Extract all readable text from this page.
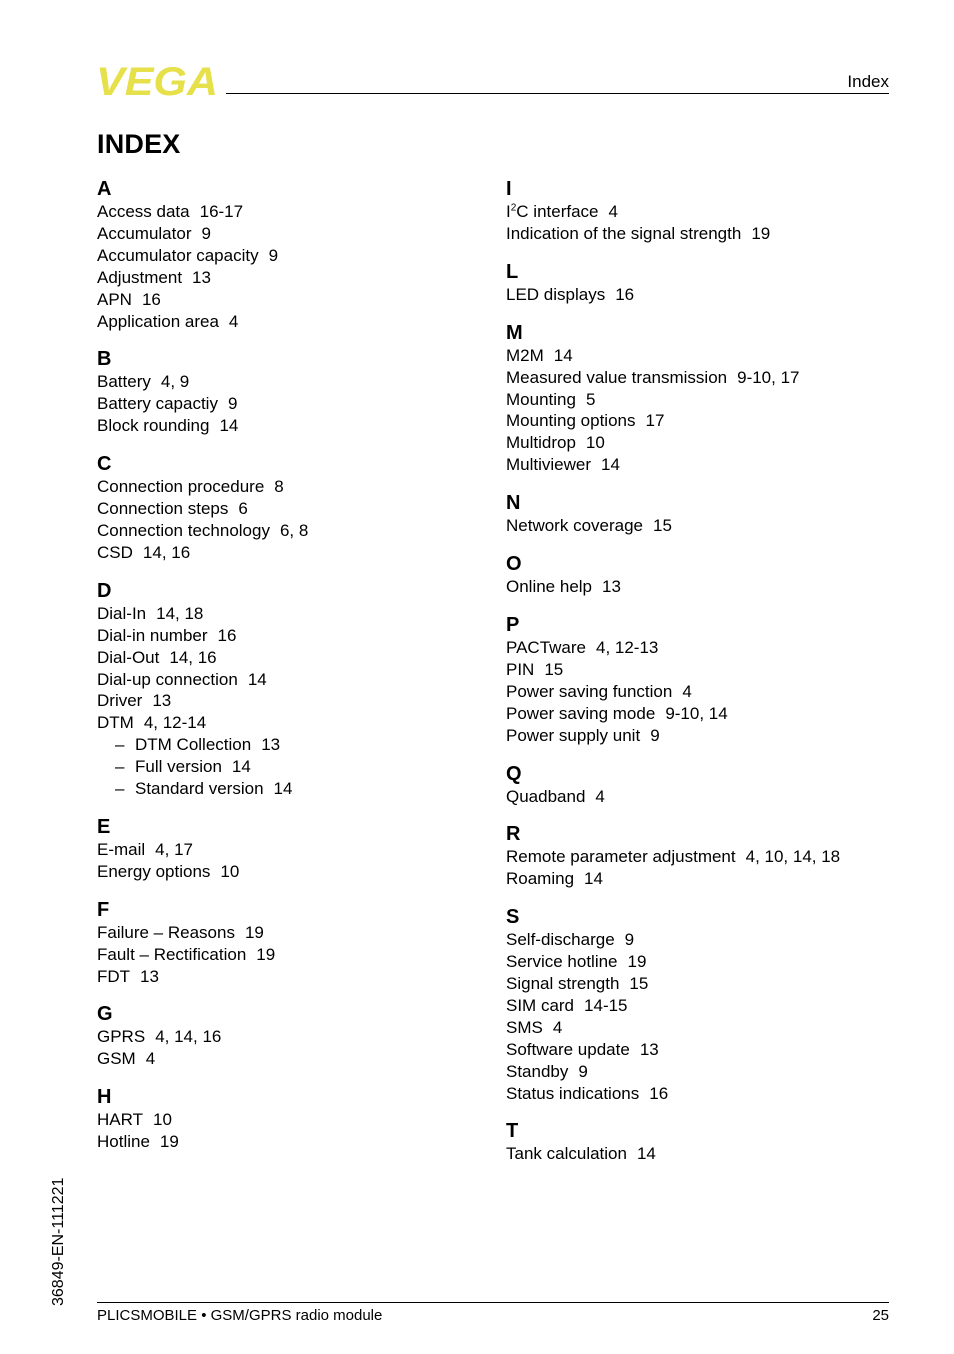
VEGA	Index
INDEX
A
Access data 16-17
Accumulator 9
Accumulator capacity 9
Adjustment 13
APN 16
Application area 4
B
Battery 4, 9
Battery capactiy 9
Block rounding 14
C
Connection procedure 8
Connection steps 6
Connection technology 6, 8
CSD 14, 16
D
Dial-In 14, 18
Dial-in number 16
Dial-Out 14, 16
Dial-up connection 14
Driver 13
DTM 4, 12-14
– DTM Collection 13
– Full version 14
– Standard version 14
E
E-mail 4, 17
Energy options 10
F
Failure – Reasons 19
Fault – Rectification 19
FDT 13
G
GPRS 4, 14, 16
GSM 4
H
HART 10
Hotline 19
I
$I^2C$ interface 4
Indication of the signal strength 19
L
LED displays 16
M
M2M 14
Measured value transmission 9-10, 17
Mounting 5
Mounting options 17
Multidrop 10
Multiviewer 14
N
Network coverage 15
O
Online help 13
P
PACTware 4, 12-13
PIN 15
Power saving function 4
Power saving mode 9-10, 14
Power supply unit 9
Q
Quadband 4
R
Remote parameter adjustment 4, 10, 14, 18
Roaming 14
S
Self-discharge 9
Service hotline 19
Signal strength 15
SIM card 14-15
SMS 4
Software update 13
Standby 9
Status indications 16
T
Tank calculation 14
36849-EN-111221
PLICSMOBILE • GSM/GPRS radio module	25
